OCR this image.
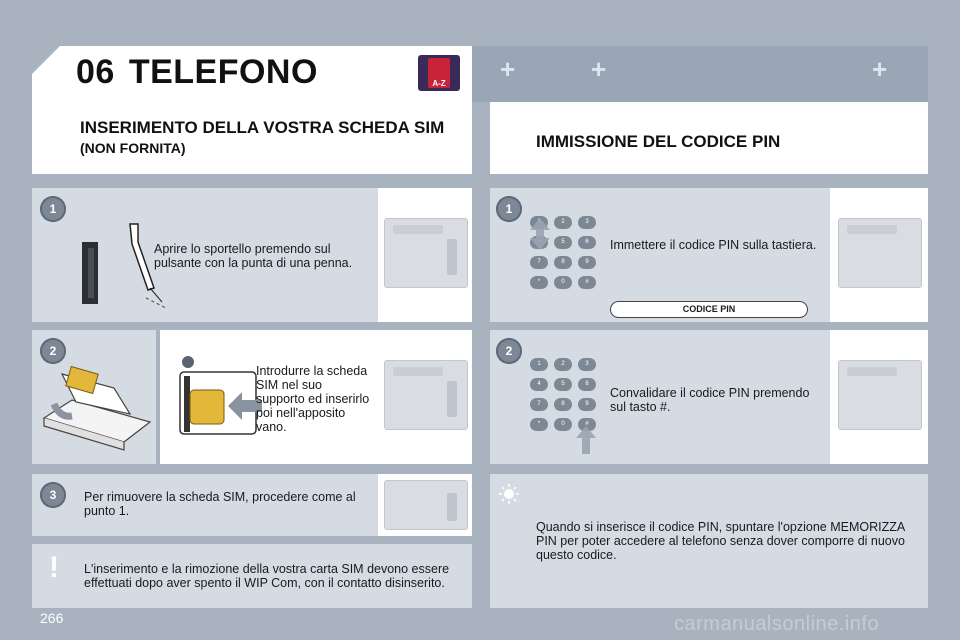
+	+	+
06 TELEFONO	A-Z
INSERIMENTO DELLA VOSTRA SCHEDA SIM
(NON FORNITA)	IMMISSIONE DEL CODICE PIN
1
Aprire lo sportello premendo sul pulsante con la punta di una penna.
2
Introdurre la scheda SIM nel suo supporto ed inserirlo poi nell'apposito vano.
3	Per rimuovere la scheda SIM, procedere come al punto 1.
L'inserimento e la rimozione della vostra carta SIM devono essere effettuati dopo aver spento il WIP Com, con il contatto disinserito.
!
1
2	3
5	6
7	8	9
*	0	#
Immettere il codice PIN sulla tastiera.
CODICE PIN
2
1	2	3
4	5	6
7	8	9
*	0	#
Convalidare il codice PIN premendo sul tasto #.
Quando si inserisce il codice PIN, spuntare l'opzione MEMORIZZA PIN per poter accedere al telefono senza dover comporre di nuovo questo codice.
266	carmanualsonline.info
